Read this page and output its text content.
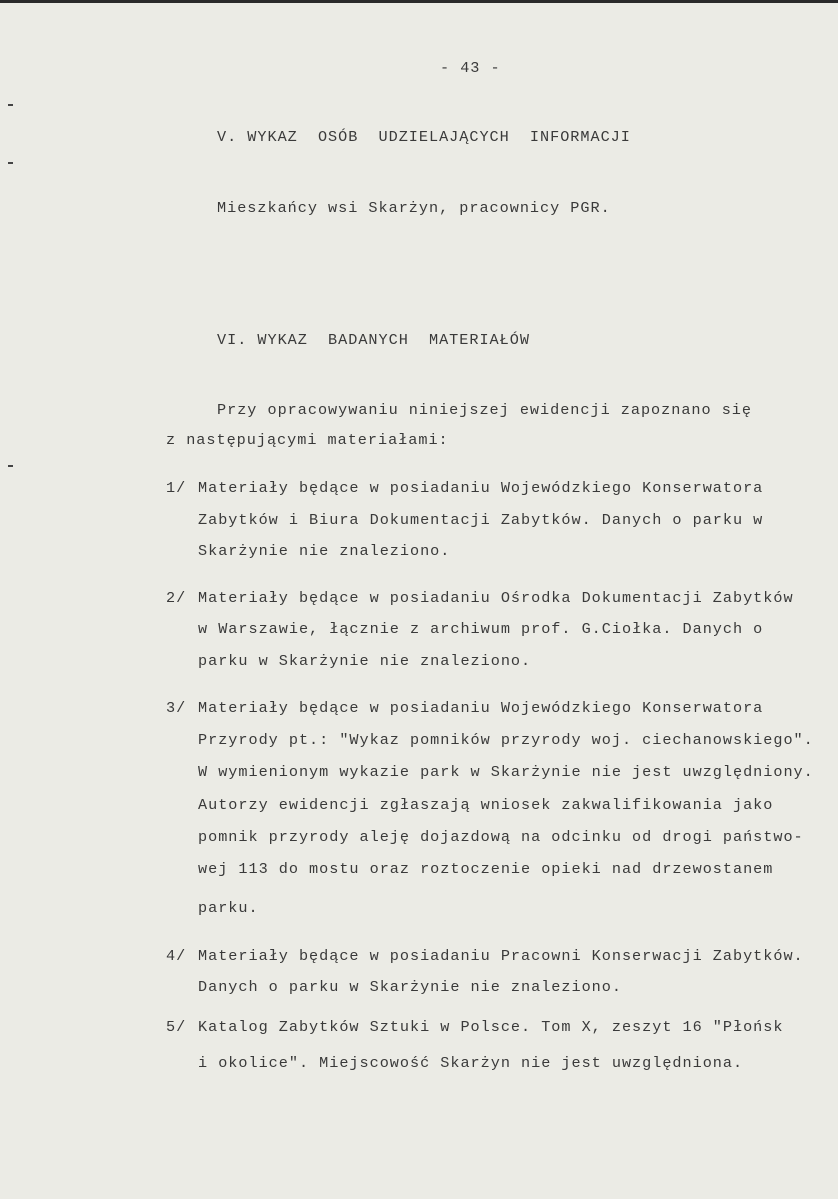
- 43 -
V. WYKAZ  OSÓB  UDZIELAJĄCYCH  INFORMACJI
Mieszkańcy wsi Skarżyn, pracownicy PGR.
VI. WYKAZ  BADANYCH  MATERIAŁÓW
Przy opracowywaniu niniejszej ewidencji zapoznano się
z następującymi materiałami:
1/ Materiały będące w posiadaniu Wojewódzkiego Konserwatora
Zabytków i Biura Dokumentacji Zabytków. Danych o parku w
Skarżynie nie znaleziono.
2/ Materiały będące w posiadaniu Ośrodka Dokumentacji Zabytków
w Warszawie, łącznie z archiwum prof. G.Ciołka. Danych o
parku w Skarżynie nie znaleziono.
3/ Materiały będące w posiadaniu Wojewódzkiego Konserwatora
Przyrody pt.: "Wykaz pomników przyrody woj. ciechanowskiego".
W wymienionym wykazie park w Skarżynie nie jest uwzględniony.
Autorzy ewidencji zgłaszają wniosek zakwalifikowania jako
pomnik przyrody aleję dojazdową na odcinku od drogi państwo-
wej 113 do mostu oraz roztoczenie opieki nad drzewostanem
parku.
4/ Materiały będące w posiadaniu Pracowni Konserwacji Zabytków.
Danych o parku w Skarżynie nie znaleziono.
5/ Katalog Zabytków Sztuki w Polsce. Tom X, zeszyt 16 "Płońsk
i okolice". Miejscowość Skarżyn nie jest uwzględniona.
